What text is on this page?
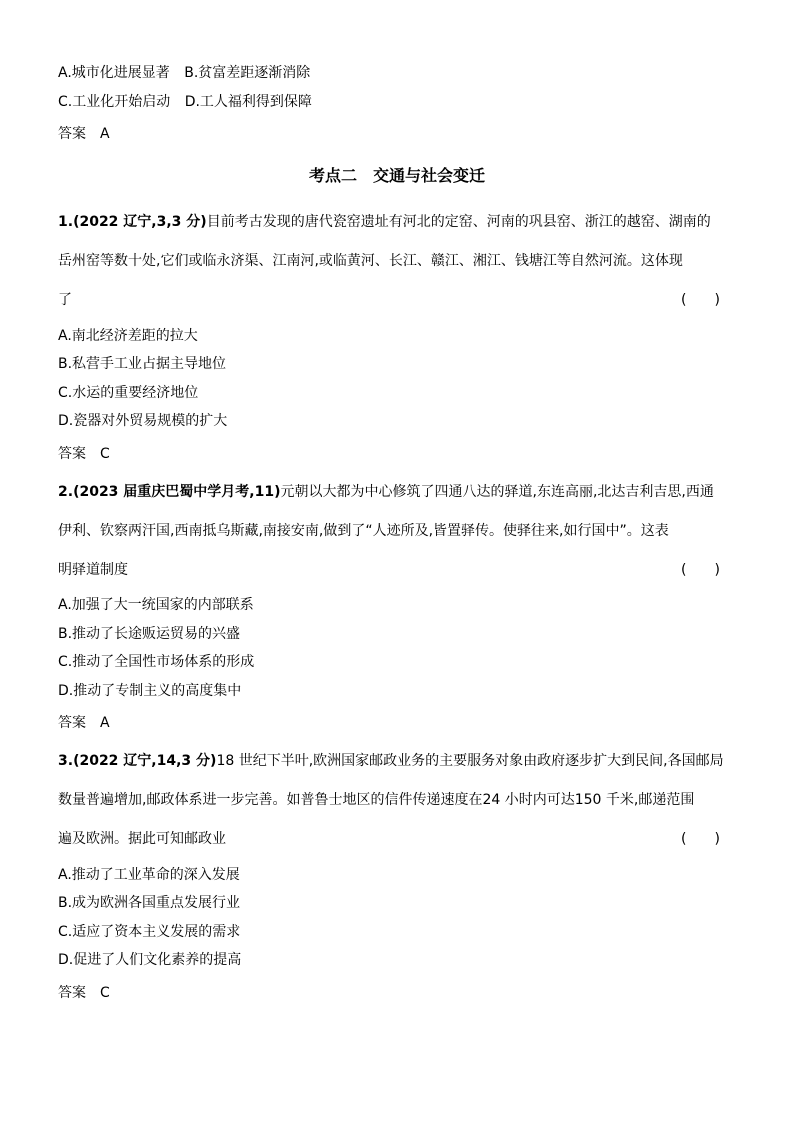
A.城市化进展显著 B.贫富差距逐渐消除
C.工业化开始启动 D.工人福利得到保障
答案 A
考点二　交通与社会变迁
1.(2022 辽宁,3,3 分)目前考古发现的唐代瓷窑遗址有河北的定窑、河南的巩县窑、浙江的越窑、湖南的
岳州窑等数十处,它们或临永济渠、江南河,或临黄河、长江、赣江、湘江、钱塘江等自然河流。这体现
了	(　　)
A.南北经济差距的拉大
B.私营手工业占据主导地位
C.水运的重要经济地位
D.瓷器对外贸易规模的扩大
答案 C
2.(2023 届重庆巴蜀中学月考,11)元朝以大都为中心修筑了四通八达的驿道,东连高丽,北达吉利吉思,西通
伊利、钦察两汗国,西南抵乌斯藏,南接安南,做到了“人迹所及,皆置驿传。使驿往来,如行国中”。这表
明驿道制度	(　　)
A.加强了大一统国家的内部联系
B.推动了长途贩运贸易的兴盛
C.推动了全国性市场体系的形成
D.推动了专制主义的高度集中
答案 A
3.(2022 辽宁,14,3 分)18 世纪下半叶,欧洲国家邮政业务的主要服务对象由政府逐步扩大到民间,各国邮局
数量普遍增加,邮政体系进一步完善。如普鲁士地区的信件传递速度在24 小时内可达150 千米,邮递范围
遍及欧洲。据此可知邮政业	(　　)
A.推动了工业革命的深入发展
B.成为欧洲各国重点发展行业
C.适应了资本主义发展的需求
D.促进了人们文化素养的提高
答案 C
